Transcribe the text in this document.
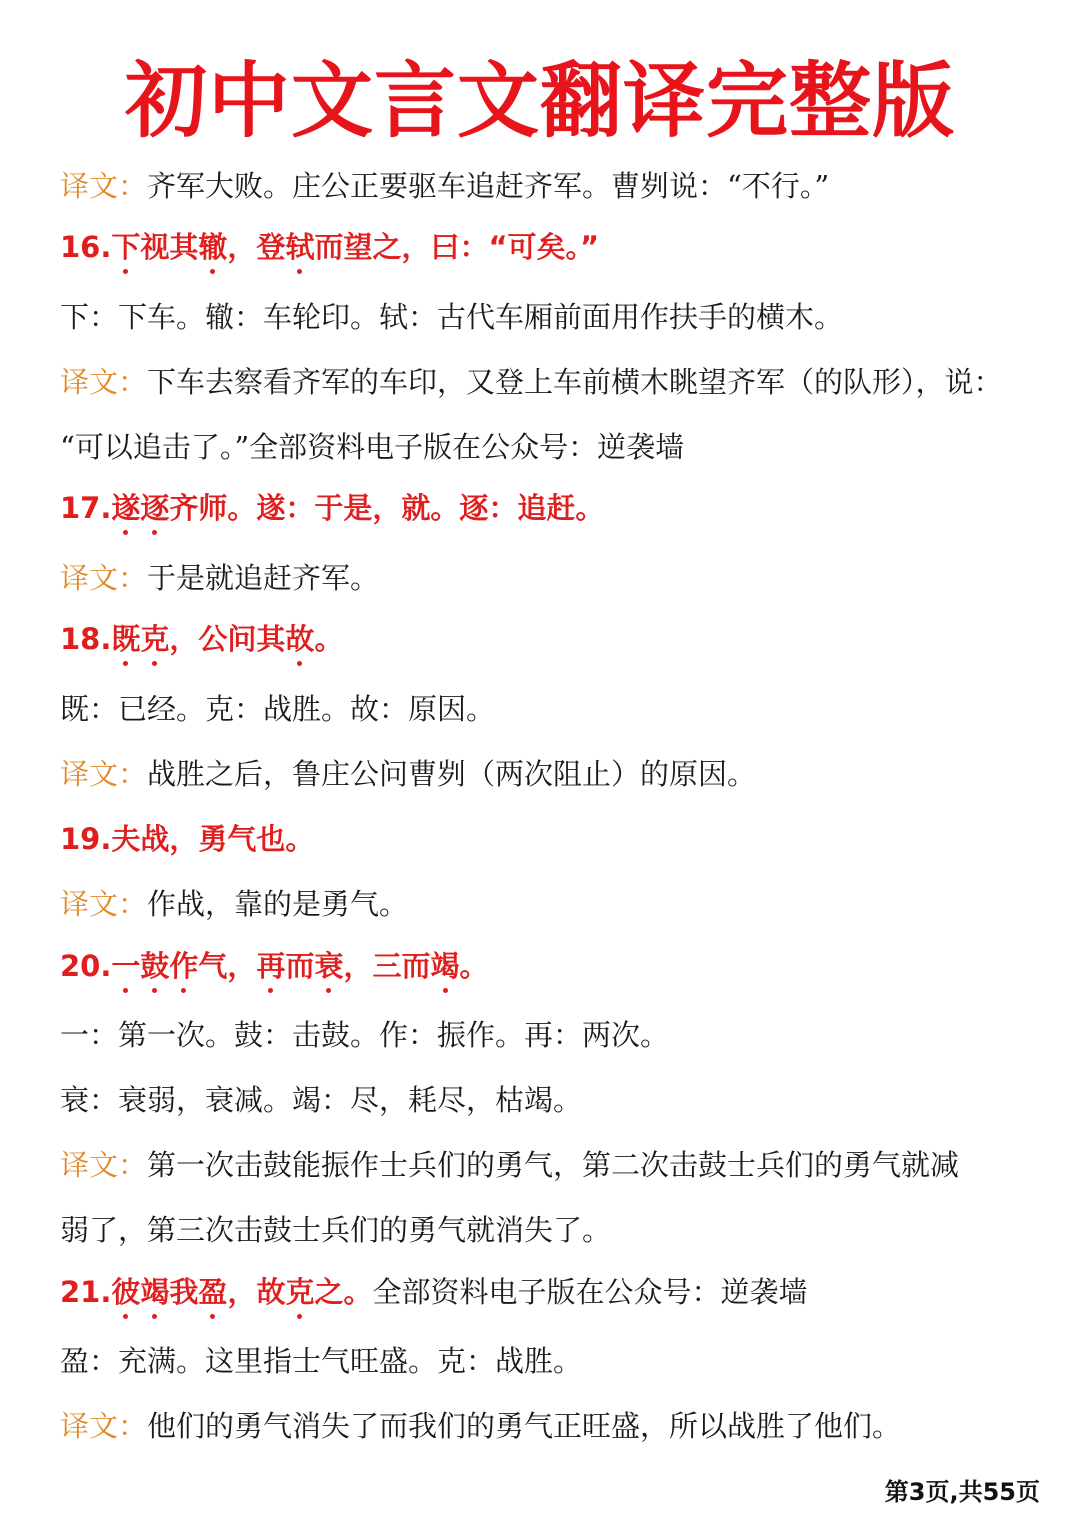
初中文言文翻译完整版
译文：齐军大败。庄公正要驱车追赶齐军。曹刿说：“不行。”
16.下视其辙，登轼而望之，曰：“可矣。”
下：下车。辙：车轮印。轼：古代车厢前面用作扶手的横木。
译文：下车去察看齐军的车印，又登上车前横木眺望齐军（的队形），说：
“可以追击了。”全部资料电子版在公众号：逆袭墙
17.遂逐齐师。遂：于是，就。逐：追赶。
译文：于是就追赶齐军。
18.既克，公问其故。
既：已经。克：战胜。故：原因。
译文：战胜之后，鲁庄公问曹刿（两次阻止）的原因。
19.夫战，勇气也。
译文：作战，靠的是勇气。
20.一鼓作气，再而衰，三而竭。
一：第一次。鼓：击鼓。作：振作。再：两次。
衰：衰弱，衰减。竭：尽，耗尽，枯竭。
译文：第一次击鼓能振作士兵们的勇气，第二次击鼓士兵们的勇气就减
弱了，第三次击鼓士兵们的勇气就消失了。
21.彼竭我盈，故克之。全部资料电子版在公众号：逆袭墙
盈：充满。这里指士气旺盛。克：战胜。
译文：他们的勇气消失了而我们的勇气正旺盛，所以战胜了他们。
第3页,共55页
